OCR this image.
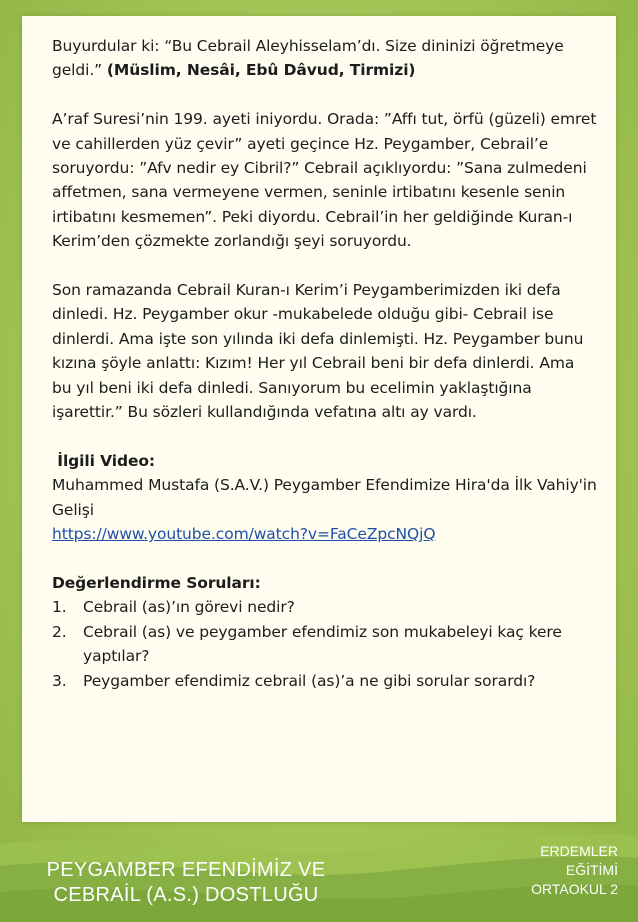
Buyurdular ki: “Bu Cebrail Aleyhisselam’dı. Size dininizi öğretmeye geldi.” (Müslim, Nesâi, Ebû Dâvud, Tirmizi)

A’raf Suresi’nin 199. ayeti iniyordu. Orada: ”Affı tut, örfü (güzeli) emret ve cahillerden yüz çevir” ayeti geçince Hz. Peygamber, Cebrail’e soruyordu: ”Afv nedir ey Cibril?” Cebrail açıklıyordu: ”Sana zulmedeni affetmen, sana vermeyene vermen, seninle irtibatını kesenle senin irtibatını kesmemen”. Peki diyordu. Cebrail’in her geldiğinde Kuran-ı Kerim’den çözmekte zorlandığı şeyi soruyordu.

Son ramazanda Cebrail Kuran-ı Kerim’i Peygamberimizden iki defa dinledi. Hz. Peygamber okur -mukabelede olduğu gibi- Cebrail ise dinlerdi. Ama işte son yılında iki defa dinlemişti. Hz. Peygamber bunu kızına şöyle anlattı: Kızım! Her yıl Cebrail beni bir defa dinlerdi. Ama bu yıl beni iki defa dinledi. Sanıyorum bu ecelimin yaklaştığına işarettir.” Bu sözleri kullandığında vefatına altı ay vardı.

İlgili Video:
Muhammed Mustafa (S.A.V.) Peygamber Efendimize Hira'da İlk Vahiy'in Gelişi
https://www.youtube.com/watch?v=FaCeZpcNQjQ
Değerlendirme Soruları:
1.	Cebrail (as)’ın görevi nedir?
2.	Cebrail (as) ve peygamber efendimiz son mukabeleyi kaç kere yaptılar?
3.	Peygamber efendimiz cebrail (as)’a ne gibi sorular sorardı?
PEYGAMBER EFENDİMİZ VE
CEBRAİL (A.S.) DOSTLUĞU
ERDEMLER
EĞİTİMİ
ORTAOKUL 2
